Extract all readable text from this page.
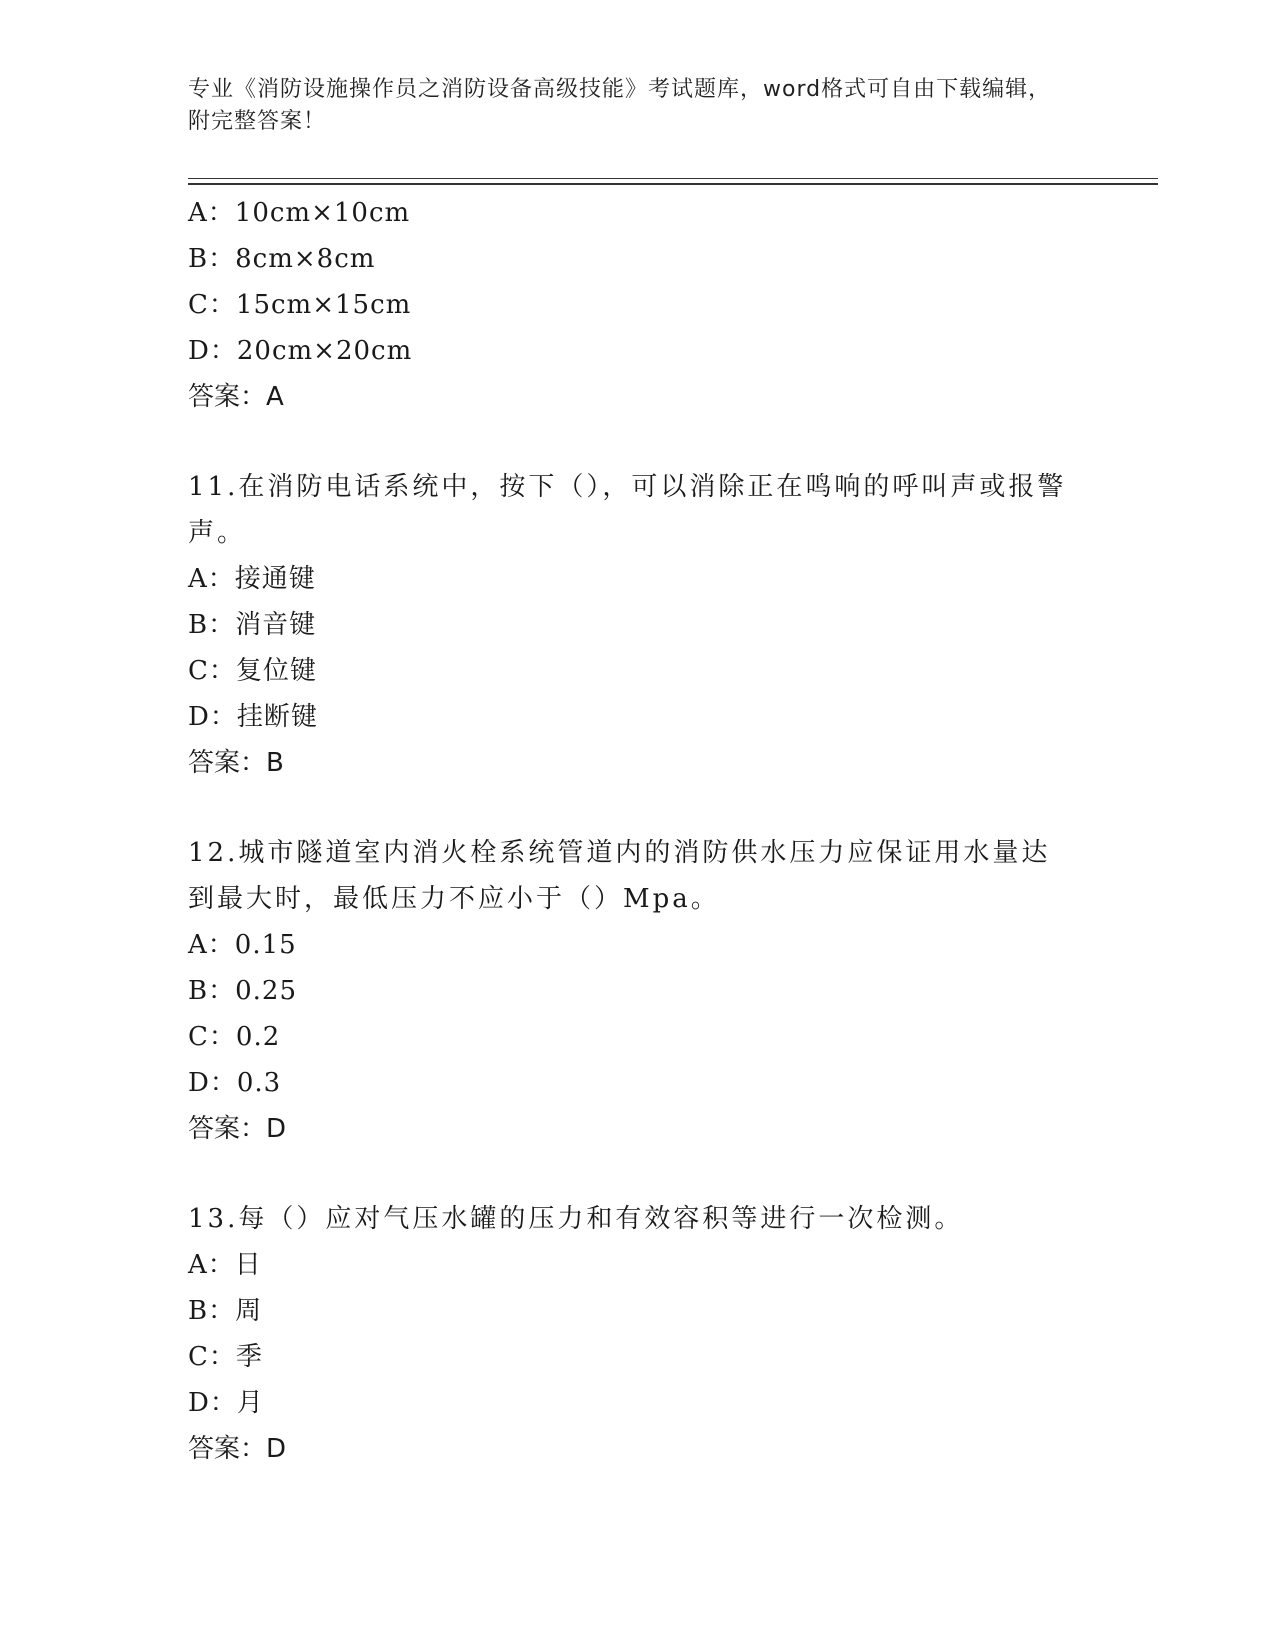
专业《消防设施操作员之消防设备高级技能》考试题库，word格式可自由下载编辑，附完整答案！
A：10cm×10cm
B：8cm×8cm
C：15cm×15cm
D：20cm×20cm
答案：A
11.在消防电话系统中，按下（），可以消除正在鸣响的呼叫声或报警声。
A：接通键
B：消音键
C：复位键
D：挂断键
答案：B
12.城市隧道室内消火栓系统管道内的消防供水压力应保证用水量达到最大时，最低压力不应小于（）Mpa。
A：0.15
B：0.25
C：0.2
D：0.3
答案：D
13.每（）应对气压水罐的压力和有效容积等进行一次检测。
A：日
B：周
C：季
D：月
答案：D
